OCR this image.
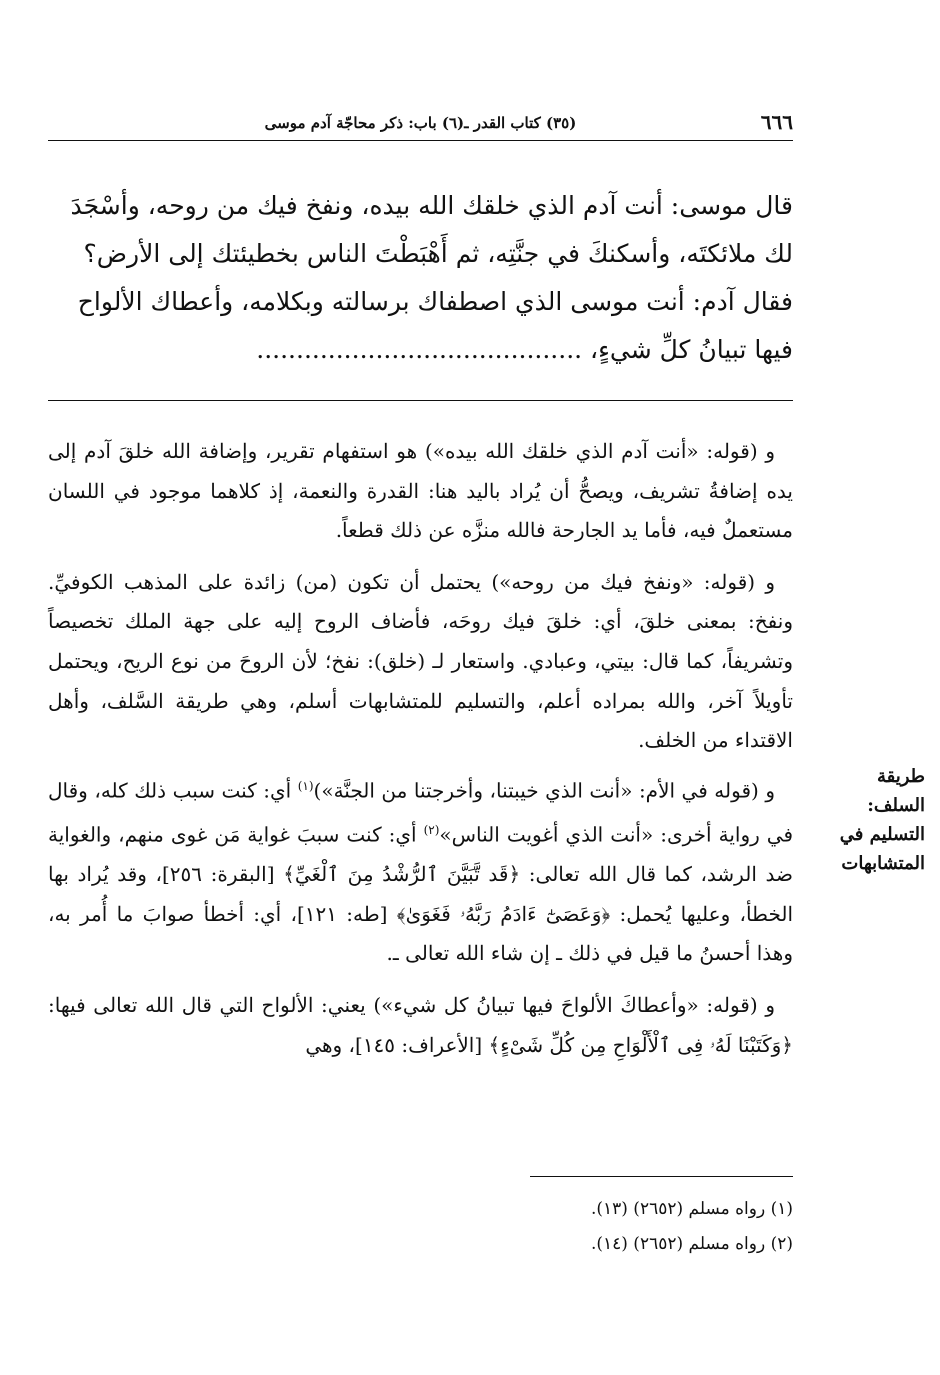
٦٦٦
(٣٥) كتاب القدر ـ(٦) باب: ذكر محاجّة آدم موسى

قال موسى: أنت آدم الذي خلقك الله بيده، ونفخ فيك من روحه، وأسْجَدَ

لك ملائكتَه، وأسكنكَ في جنَّتِه، ثم أَهْبَطْتَ الناس بخطيئتك إلى الأرض؟

فقال آدم: أنت موسى الذي اصطفاك برسالته وبكلامه، وأعطاك الألواح

فيها تبيانُ كلِّ شيءٍ، .........................................

و (قوله: «أنت آدم الذي خلقك الله بيده») هو استفهام تقرير، وإضافة الله خلقَ آدم إلى يده إضافةُ تشريف، ويصحُّ أن يُراد باليد هنا: القدرة والنعمة، إذ كلاهما موجود في اللسان مستعملٌ فيه، فأما يد الجارحة فالله منزَّه عن ذلك قطعاً.

و (قوله: «ونفخ فيك من روحه») يحتمل أن تكون (من) زائدة على المذهب الكوفيِّ. ونفخ: بمعنى خلقَ، أي: خلقَ فيك روحَه، فأضاف الروح إليه على جهة الملك تخصيصاً وتشريفاً، كما قال: بيتي، وعبادي. واستعار لـ (خلق): نفخ؛ لأن الروحَ من نوع الريح، ويحتمل تأويلاً آخر، والله بمراده أعلم، والتسليم للمتشابهات أسلم، وهي طريقة السَّلف، وأهل الاقتداء من الخلف.

و (قوله في الأم: «أنت الذي خيبتنا، وأخرجتنا من الجنَّة»)$^{(١)}$ أي: كنت سبب ذلك كله، وقال في رواية أخرى: «أنت الذي أغويت الناس»$^{(٢)}$ أي: كنت سببَ غواية مَن غوى منهم، والغواية ضد الرشد، كما قال الله تعالى: ﴿قَد تَّبَيَّنَ ٱلرُّشْدُ مِنَ ٱلْغَيِّ﴾ [البقرة: ٢٥٦]، وقد يُراد بها الخطأ، وعليها يُحمل: ﴿وَعَصَىٰٓ ءَادَمُ رَبَّهُۥ فَغَوَىٰ﴾ [طه: ١٢١]، أي: أخطأ صوابَ ما أُمر به، وهذا أحسنُ ما قيل في ذلك ـ إن شاء الله تعالى ـ.

و (قوله: «وأعطاكَ الألواحَ فيها تبيانُ كل شيء») يعني: الألواح التي قال الله تعالى فيها: ﴿وَكَتَبْنَا لَهُۥ فِى ٱلْأَلْوَاحِ مِن كُلِّ شَىْءٍ﴾ [الأعراف: ١٤٥]، وهي

طريقة
السلف:
التسليم في
المتشابهات
(١) رواه مسلم (٢٦٥٢) (١٣).
(٢) رواه مسلم (٢٦٥٢) (١٤).
